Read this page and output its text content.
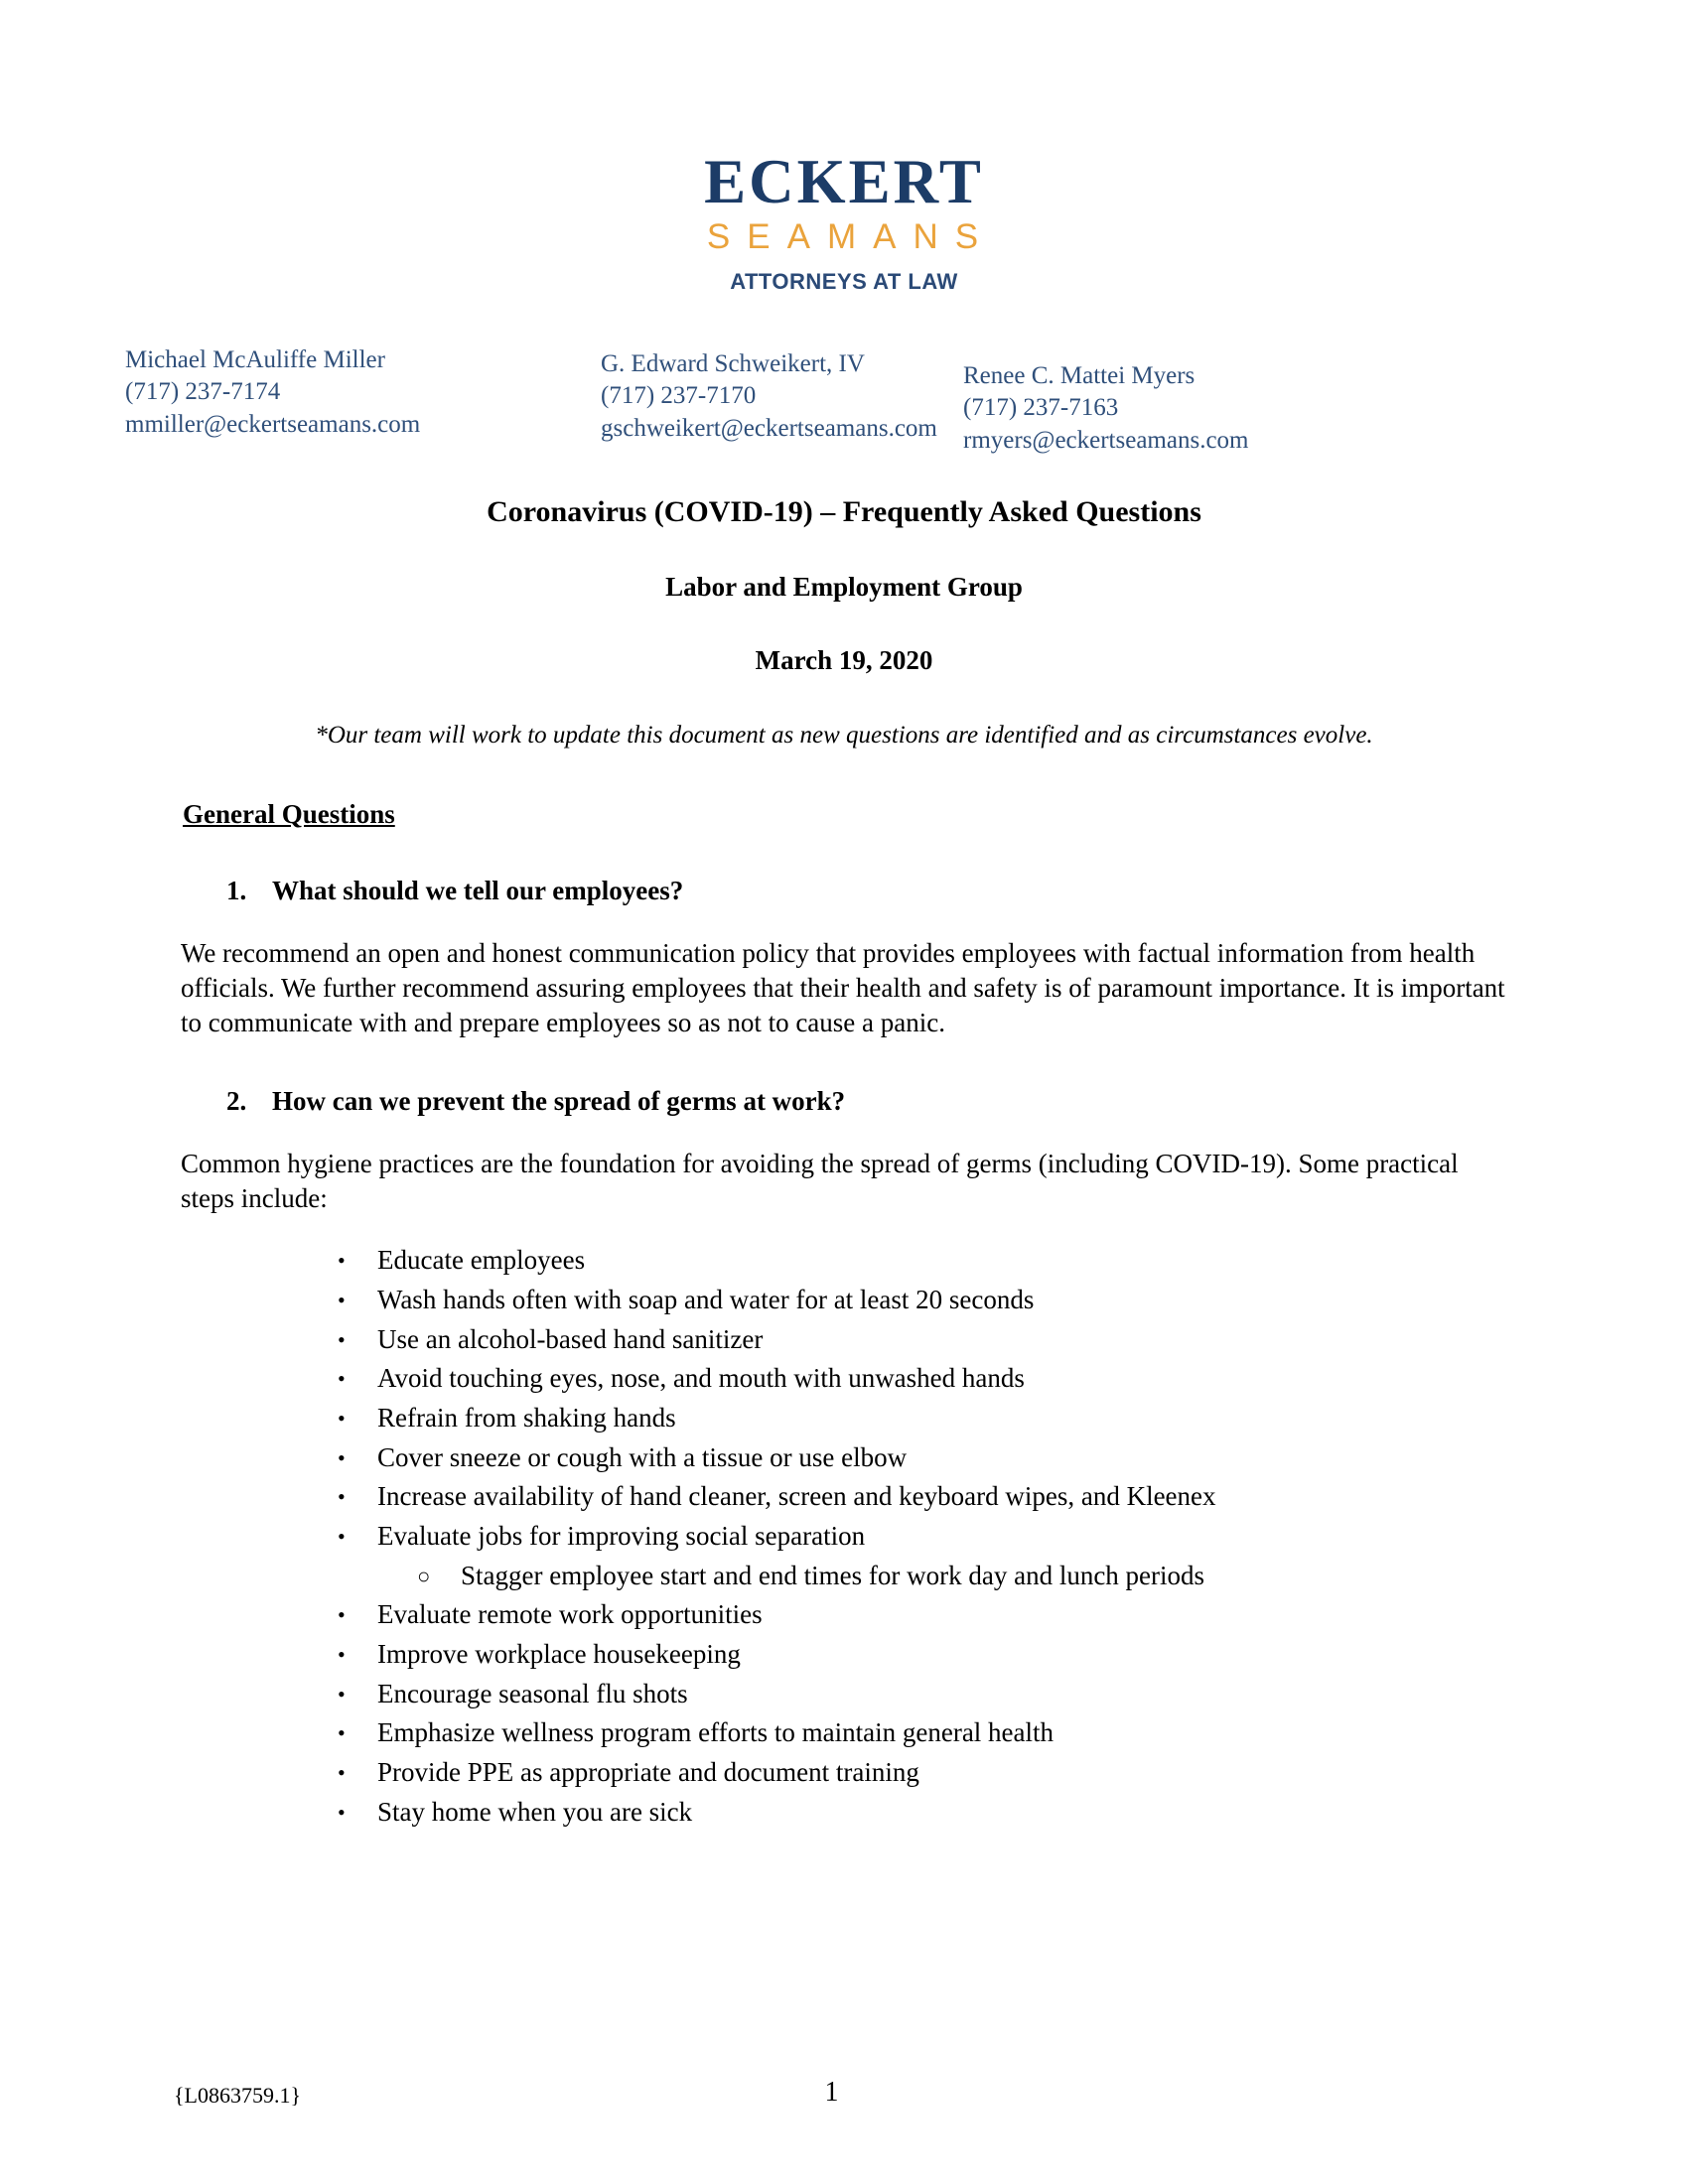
ECKERT
SEAMANS
ATTORNEYS AT LAW
Michael McAuliffe Miller
(717) 237-7174
mmiller@eckertseamans.com
G. Edward Schweikert, IV
(717) 237-7170
gschweikert@eckertseamans.com
Renee C. Mattei Myers
(717) 237-7163
rmyers@eckertseamans.com
Coronavirus (COVID-19) – Frequently Asked Questions
Labor and Employment Group
March 19, 2020
*Our team will work to update this document as new questions are identified and as circumstances evolve.
General Questions
1. What should we tell our employees?
We recommend an open and honest communication policy that provides employees with factual information from health officials. We further recommend assuring employees that their health and safety is of paramount importance. It is important to communicate with and prepare employees so as not to cause a panic.
2. How can we prevent the spread of germs at work?
Common hygiene practices are the foundation for avoiding the spread of germs (including COVID-19). Some practical steps include:
•	Educate employees
•	Wash hands often with soap and water for at least 20 seconds
•	Use an alcohol-based hand sanitizer
•	Avoid touching eyes, nose, and mouth with unwashed hands
•	Refrain from shaking hands
•	Cover sneeze or cough with a tissue or use elbow
•	Increase availability of hand cleaner, screen and keyboard wipes, and Kleenex
•	Evaluate jobs for improving social separation
○	Stagger employee start and end times for work day and lunch periods
•	Evaluate remote work opportunities
•	Improve workplace housekeeping
•	Encourage seasonal flu shots
•	Emphasize wellness program efforts to maintain general health
•	Provide PPE as appropriate and document training
•	Stay home when you are sick
{L0863759.1}	1
